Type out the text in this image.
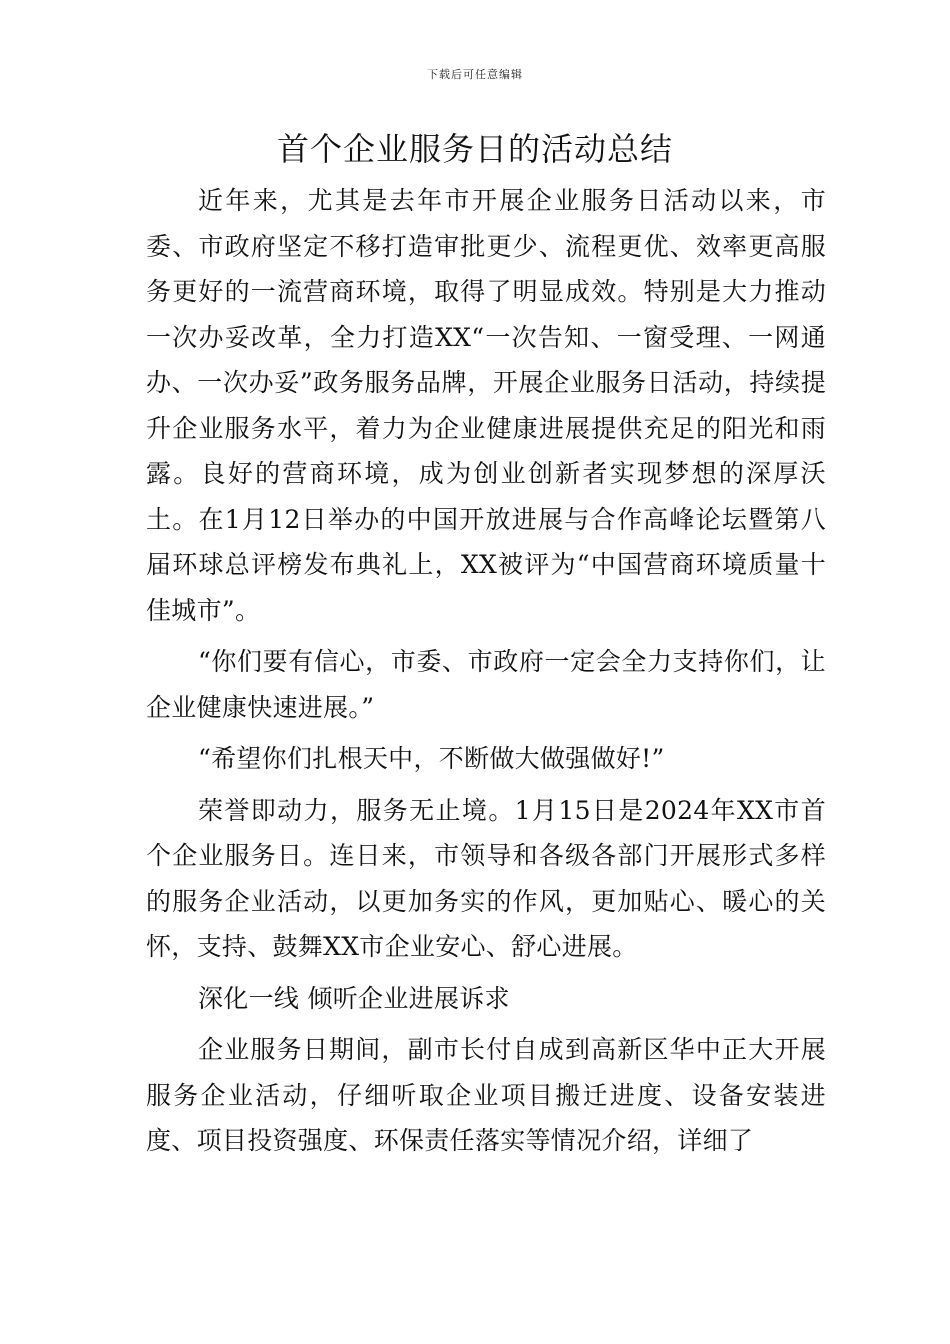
下载后可任意编辑
首个企业服务日的活动总结

近年来，尤其是去年市开展企业服务日活动以来，市委、市政府坚定不移打造审批更少、流程更优、效率更高服务更好的一流营商环境，取得了明显成效。特别是大力推动一次办妥改革，全力打造XX“一次告知、一窗受理、一网通办、一次办妥”政务服务品牌，开展企业服务日活动，持续提升企业服务水平，着力为企业健康进展提供充足的阳光和雨露。良好的营商环境，成为创业创新者实现梦想的深厚沃土。在1月12日举办的中国开放进展与合作高峰论坛暨第八届环球总评榜发布典礼上，XX被评为“中国营商环境质量十佳城市”。

“你们要有信心，市委、市政府一定会全力支持你们，让企业健康快速进展。”

“希望你们扎根天中，不断做大做强做好!”

荣誉即动力，服务无止境。1月15日是2024年XX市首个企业服务日。连日来，市领导和各级各部门开展形式多样的服务企业活动，以更加务实的作风，更加贴心、暖心的关怀，支持、鼓舞XX市企业安心、舒心进展。

深化一线 倾听企业进展诉求

企业服务日期间，副市长付自成到高新区华中正大开展服务企业活动，仔细听取企业项目搬迁进度、设备安装进度、项目投资强度、环保责任落实等情况介绍，详细了
